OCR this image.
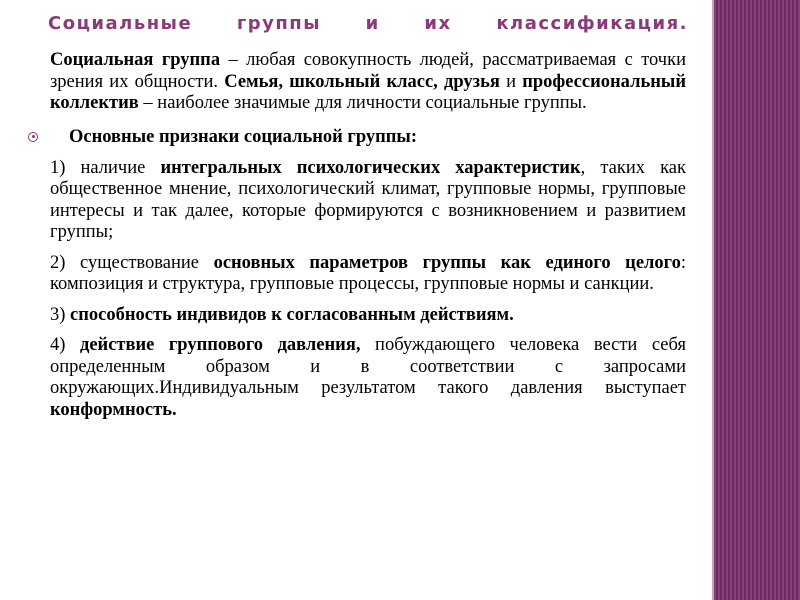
Социальные группы и их классификация.

Социальная группа – любая совокупность людей, рассматриваемая с точки зрения их общности. Семья, школьный класс, друзья и профессиональный коллектив – наиболее значимые для личности социальные группы.

Основные признаки социальной группы:

1) наличие интегральных психологических характеристик, таких как общественное мнение, психологический климат, групповые нормы, групповые интересы и так далее, которые формируются с возникновением и развитием группы;

2) существование основных параметров группы как единого целого: композиция и структура, групповые процессы, групповые нормы и санкции.

3) способность индивидов к согласованным действиям.

4) действие группового давления, побуждающего человека вести себя определенным образом и в соответствии с запросами окружающих.Индивидуальным результатом такого давления выступает конформность.
